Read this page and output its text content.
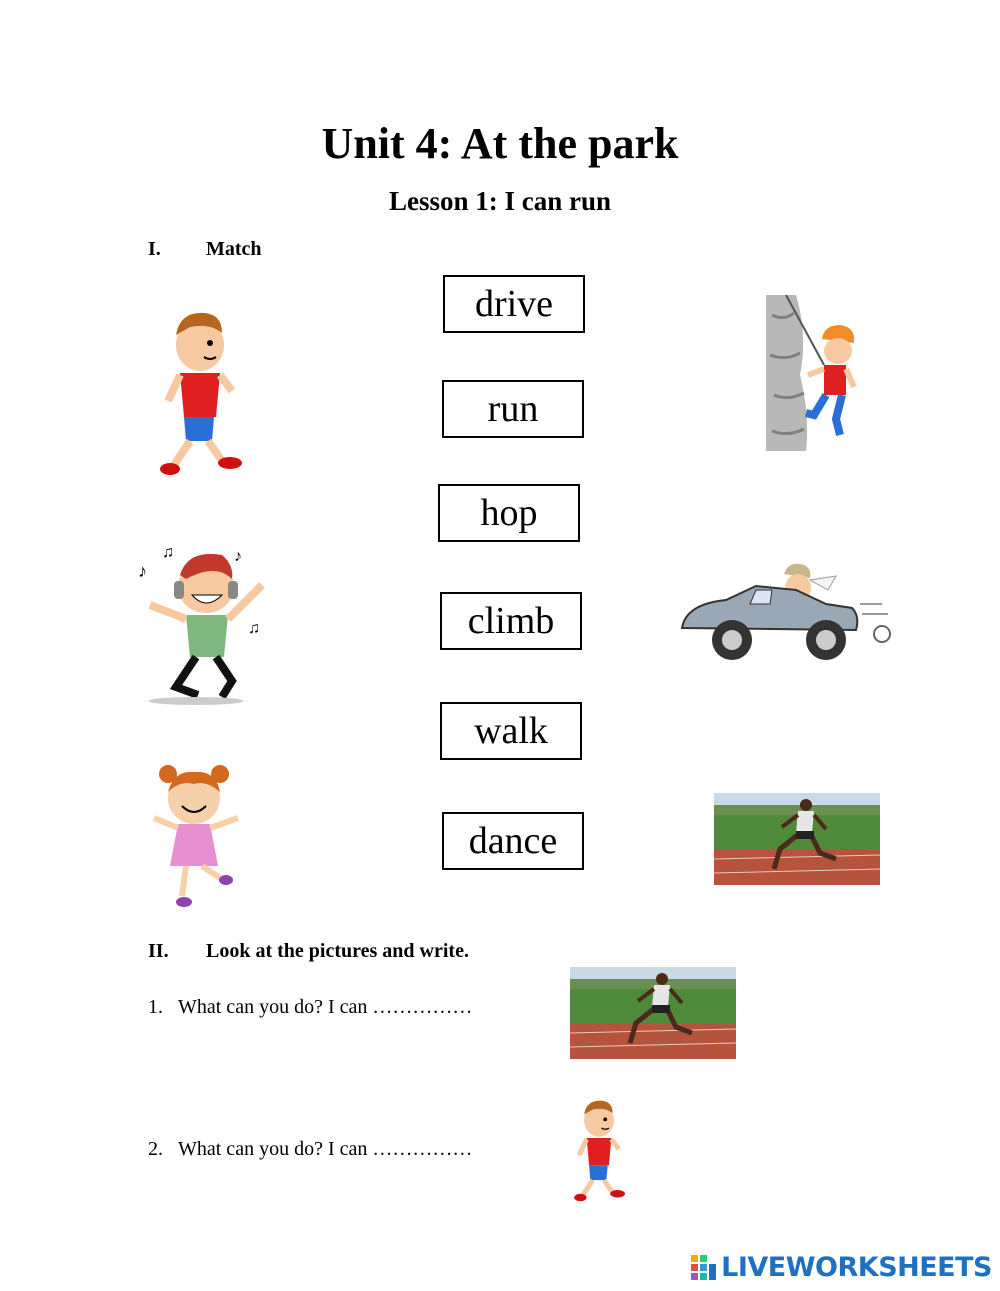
Unit 4: At the park
Lesson 1: I can run
I. Match
drive
run
hop
climb
walk
dance
♪
♫	♪
♫
II. Look at the pictures and write.
1. What can you do? I can ……………
2. What can you do? I can ……………
LIVEWORKSHEETS
